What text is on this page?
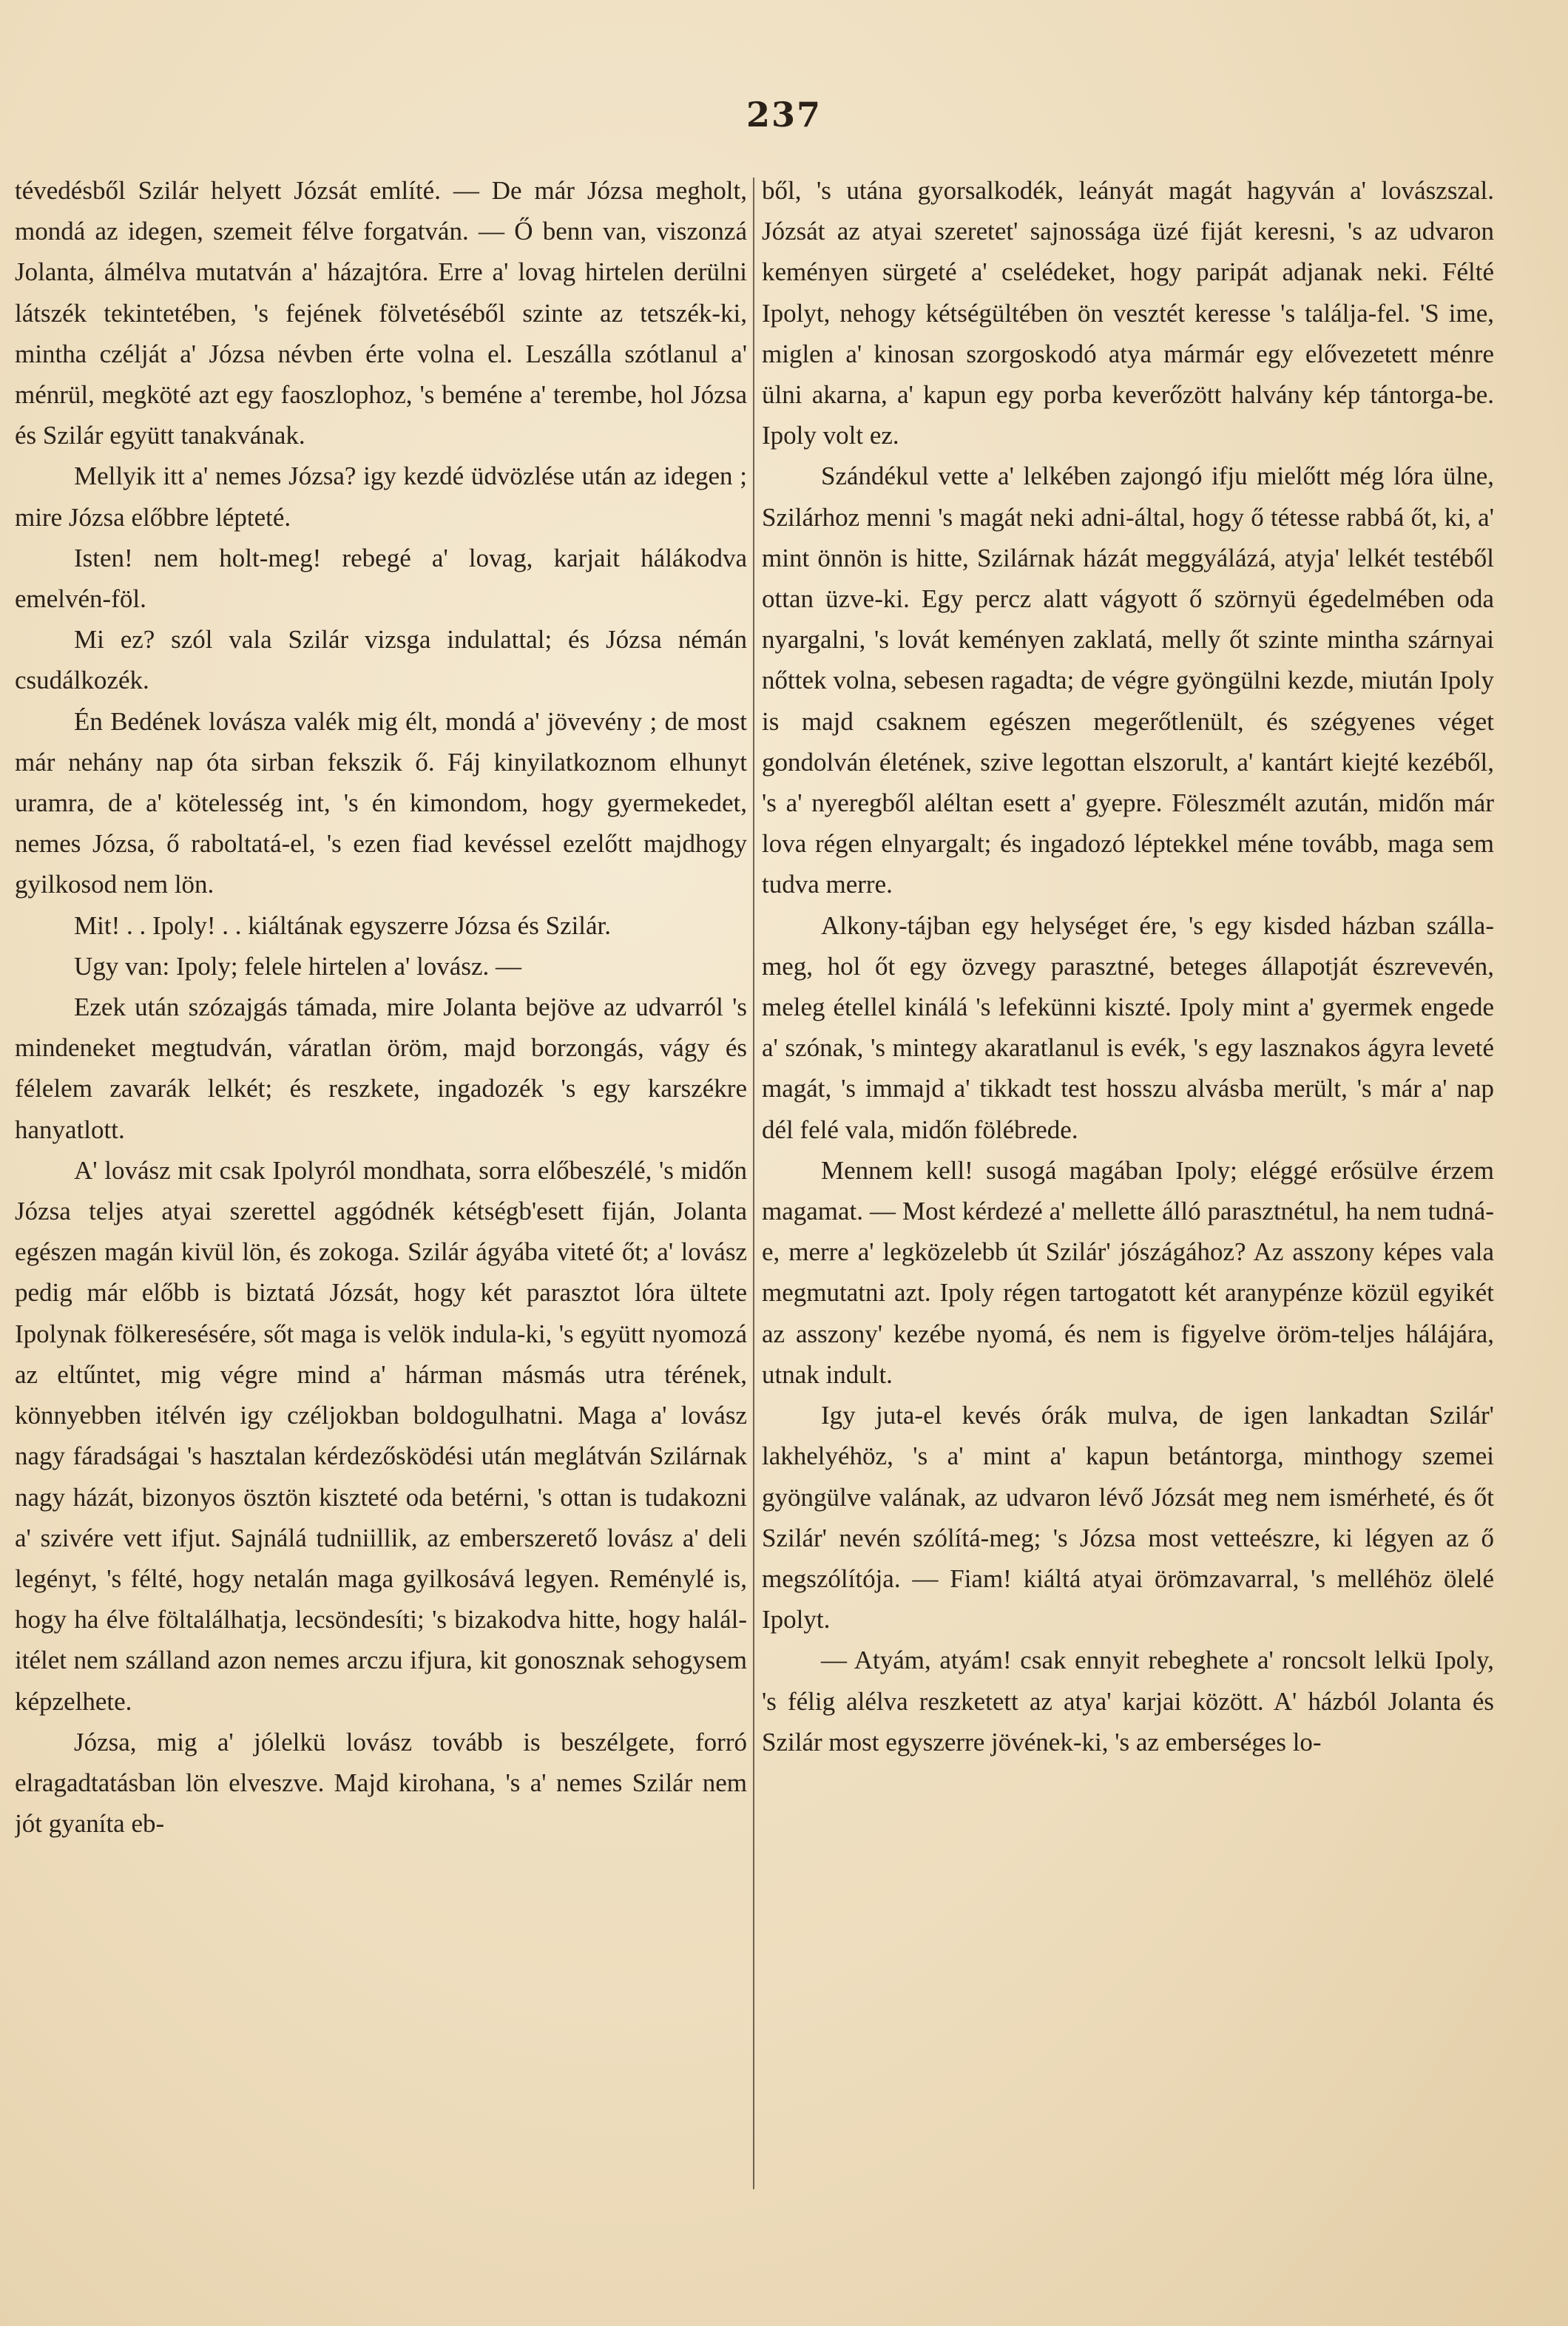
237

tévedésből Szilár helyett Józsát említé. — De már Józsa megholt, mondá az idegen, szemeit félve forgatván. — Ő benn van, viszonzá Jolanta, álmélva mutatván a' házajtóra. Erre a' lovag hirtelen derülni látszék tekintetében, 's fejének fölvetéséből szinte az tetszék-ki, mintha czélját a' Józsa névben érte volna el. Leszálla szótlanul a' ménrül, megköté azt egy faoszlophoz, 's beméne a' terembe, hol Józsa és Szilár együtt tanakvának.

Mellyik itt a' nemes Józsa? igy kezdé üdvözlése után az idegen ; mire Józsa előbbre lépteté.

Isten! nem holt-meg! rebegé a' lovag, karjait hálákodva emelvén-föl.

Mi ez? szól vala Szilár vizsga indulattal; és Józsa némán csudálkozék.

Én Bedének lovásza valék mig élt, mondá a' jövevény ; de most már nehány nap óta sirban fekszik ő. Fáj kinyilatkoznom elhunyt uramra, de a' kötelesség int, 's én kimondom, hogy gyermekedet, nemes Józsa, ő raboltatá-el, 's ezen fiad kevéssel ezelőtt majdhogy gyilkosod nem lön.

Mit! . . Ipoly! . . kiáltának egyszerre Józsa és Szilár.

Ugy van: Ipoly; felele hirtelen a' lovász. —

Ezek után szózajgás támada, mire Jolanta bejöve az udvarról 's mindeneket megtudván, váratlan öröm, majd borzongás, vágy és félelem zavarák lelkét; és reszkete, ingadozék 's egy karszékre hanyatlott.

A' lovász mit csak Ipolyról mondhata, sorra előbeszélé, 's midőn Józsa teljes atyai szerettel aggódnék kétségb'esett fiján, Jolanta egészen magán kivül lön, és zokoga. Szilár ágyába viteté őt; a' lovász pedig már előbb is biztatá Józsát, hogy két parasztot lóra ültete Ipolynak fölkeresésére, sőt maga is velök indula-ki, 's együtt nyomozá az eltűntet, mig végre mind a' hárman másmás utra térének, könnyebben itélvén igy czéljokban boldogulhatni. Maga a' lovász nagy fáradságai 's hasztalan kérdezősködési után meglátván Szilárnak nagy házát, bizonyos ösztön kiszteté oda betérni, 's ottan is tudakozni a' szivére vett ifjut. Sajnálá tudniillik, az emberszerető lovász a' deli legényt, 's félté, hogy netalán maga gyilkosává legyen. Reménylé is, hogy ha élve föltalálhatja, lecsöndesíti; 's bizakodva hitte, hogy halál-itélet nem szálland azon nemes arczu ifjura, kit gonosznak sehogysem képzelhete.

Józsa, mig a' jólelkü lovász tovább is beszélgete, forró elragadtatásban lön elveszve. Majd kirohana, 's a' nemes Szilár nem jót gyaníta eb-

ből, 's utána gyorsalkodék, leányát magát hagyván a' lovászszal. Józsát az atyai szeretet' sajnossága üzé fiját keresni, 's az udvaron keményen sürgeté a' cselédeket, hogy paripát adjanak neki. Félté Ipolyt, nehogy kétségültében ön vesztét keresse 's találja-fel. 'S ime, miglen a' kinosan szorgoskodó atya mármár egy elővezetett ménre ülni akarna, a' kapun egy porba keverőzött halvány kép tántorga-be. Ipoly volt ez.

Szándékul vette a' lelkében zajongó ifju mielőtt még lóra ülne, Szilárhoz menni 's magát neki adni-által, hogy ő tétesse rabbá őt, ki, a' mint önnön is hitte, Szilárnak házát meggyálázá, atyja' lelkét testéből ottan üzve-ki. Egy percz alatt vágyott ő szörnyü égedelmében oda nyargalni, 's lovát keményen zaklatá, melly őt szinte mintha szárnyai nőttek volna, sebesen ragadta; de végre gyöngülni kezde, miután Ipoly is majd csaknem egészen megerőtlenült, és szégyenes véget gondolván életének, szive legottan elszorult, a' kantárt kiejté kezéből, 's a' nyeregből aléltan esett a' gyepre. Föleszmélt azután, midőn már lova régen elnyargalt; és ingadozó léptekkel méne tovább, maga sem tudva merre.

Alkony-tájban egy helységet ére, 's egy kisded házban szálla-meg, hol őt egy özvegy parasztné, beteges állapotját észrevevén, meleg étellel kinálá 's lefekünni kiszté. Ipoly mint a' gyermek engede a' szónak, 's mintegy akaratlanul is evék, 's egy lasznakos ágyra leveté magát, 's immajd a' tikkadt test hosszu alvásba merült, 's már a' nap dél felé vala, midőn fölébrede.

Mennem kell! susogá magában Ipoly; eléggé erősülve érzem magamat. — Most kérdezé a' mellette álló parasztnétul, ha nem tudná-e, merre a' legközelebb út Szilár' jószágához? Az asszony képes vala megmutatni azt. Ipoly régen tartogatott két aranypénze közül egyikét az asszony' kezébe nyomá, és nem is figyelve öröm-teljes hálájára, utnak indult.

Igy juta-el kevés órák mulva, de igen lankadtan Szilár' lakhelyéhöz, 's a' mint a' kapun betántorga, minthogy szemei gyöngülve valának, az udvaron lévő Józsát meg nem ismérheté, és őt Szilár' nevén szólítá-meg; 's Józsa most vetteészre, ki légyen az ő megszólítója. — Fiam! kiáltá atyai örömzavarral, 's melléhöz ölelé Ipolyt.

— Atyám, atyám! csak ennyit rebeghete a' roncsolt lelkü Ipoly, 's félig alélva reszketett az atya' karjai között. A' házból Jolanta és Szilár most egyszerre jövének-ki, 's az emberséges lo-
